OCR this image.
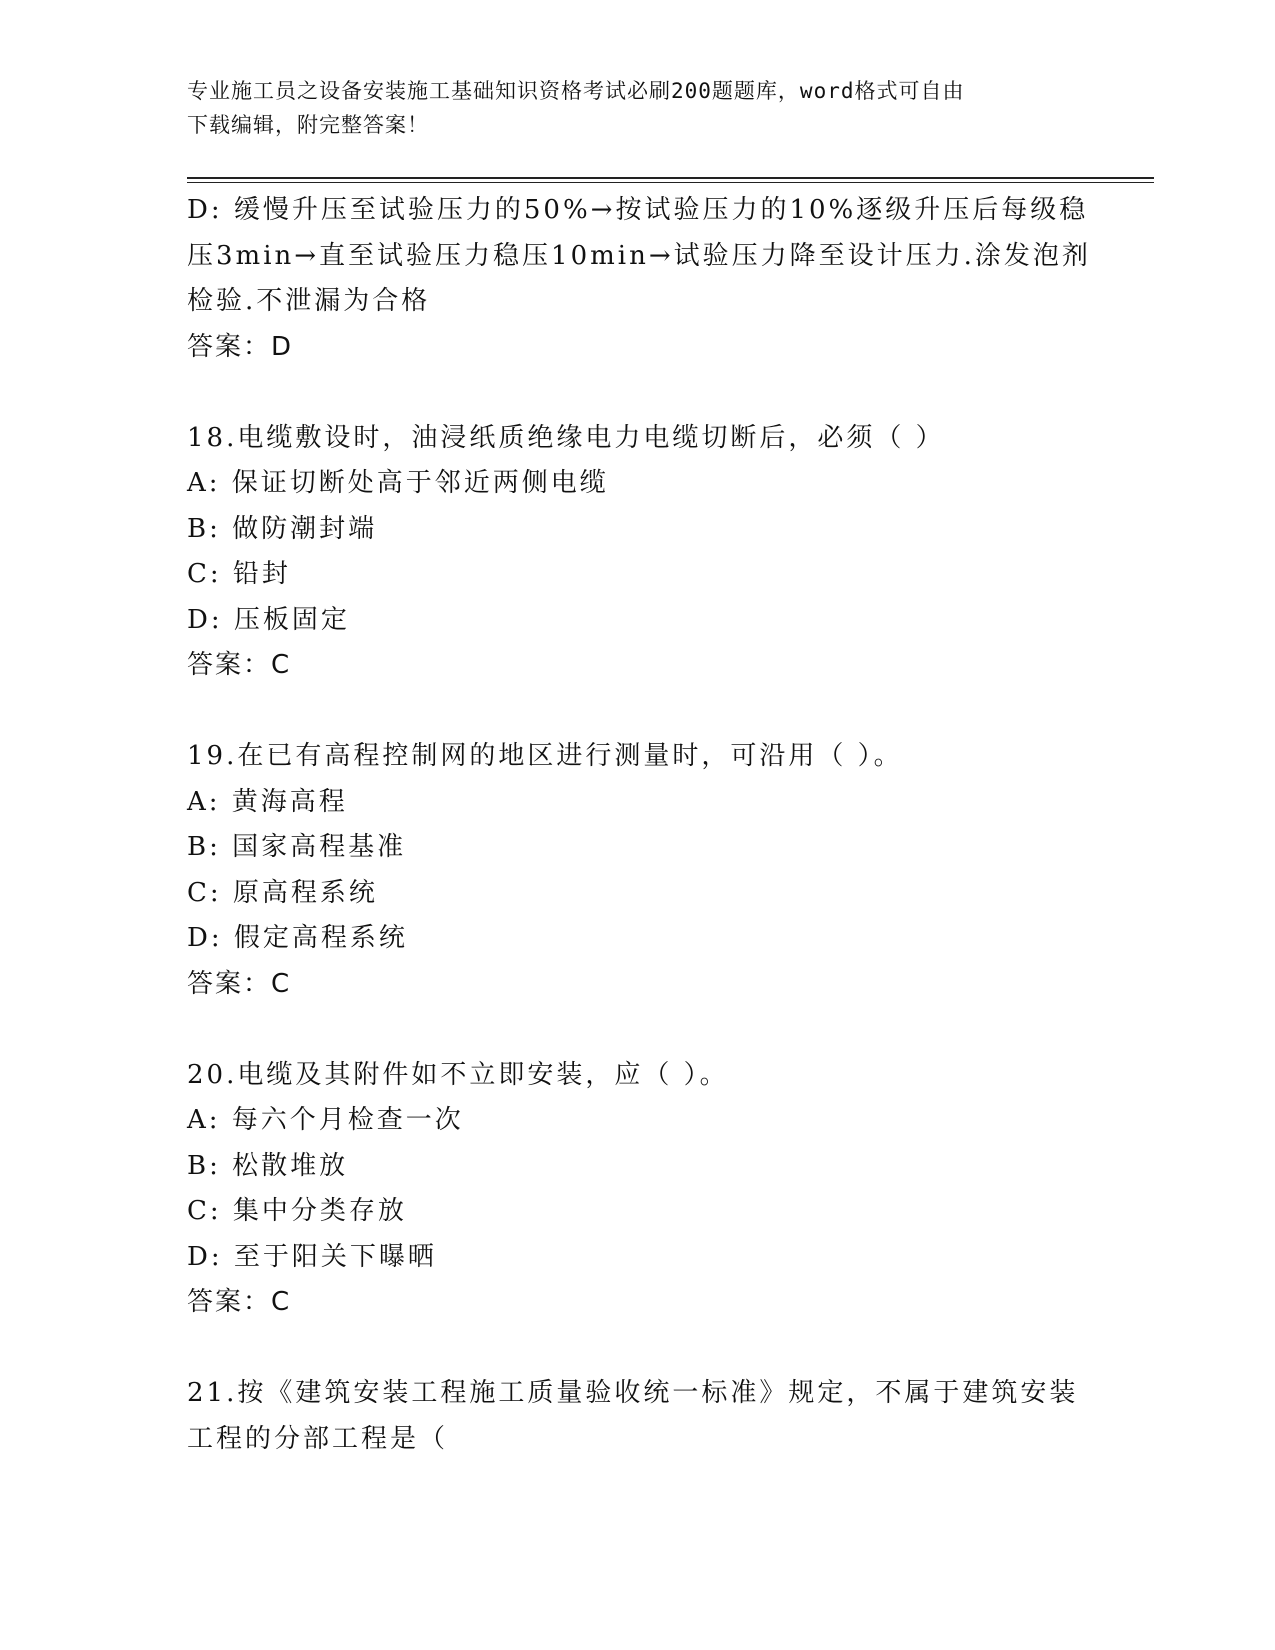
专业施工员之设备安装施工基础知识资格考试必刷200题题库，word格式可自由
下载编辑，附完整答案！
D: 缓慢升压至试验压力的50%→按试验压力的10%逐级升压后每级稳
压3min→直至试验压力稳压10min→试验压力降至设计压力.涂发泡剂
检验.不泄漏为合格
答案：D
18.电缆敷设时，油浸纸质绝缘电力电缆切断后，必须（ ）
A: 保证切断处高于邻近两侧电缆
B: 做防潮封端
C: 铅封
D: 压板固定
答案：C
19.在已有高程控制网的地区进行测量时，可沿用（ ）。
A: 黄海高程
B: 国家高程基准
C: 原高程系统
D: 假定高程系统
答案：C
20.电缆及其附件如不立即安装，应（ ）。
A: 每六个月检查一次
B: 松散堆放
C: 集中分类存放
D: 至于阳关下曝晒
答案：C
21.按《建筑安装工程施工质量验收统一标准》规定，不属于建筑安装
工程的分部工程是（
